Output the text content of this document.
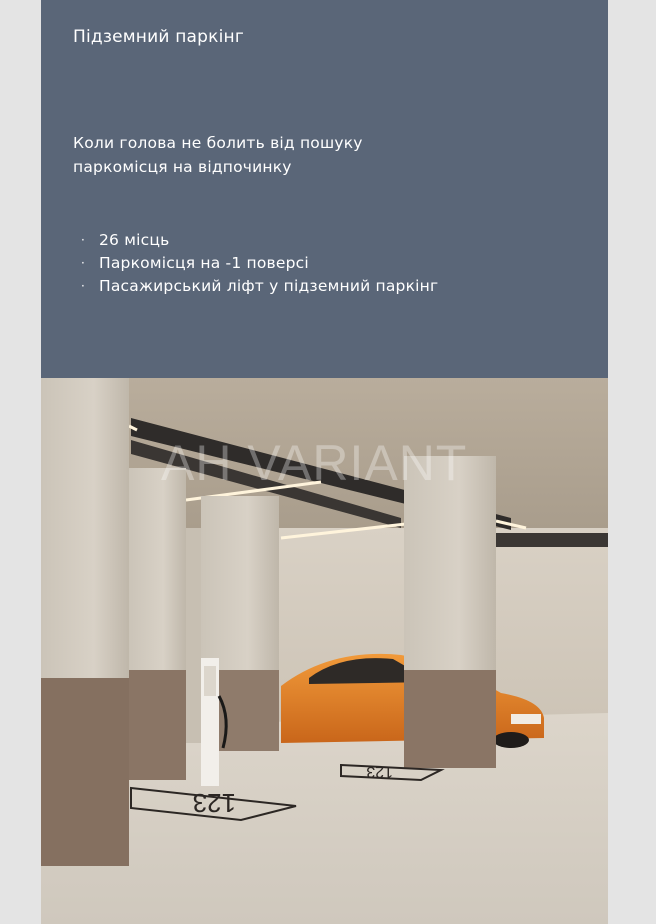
Підземний паркінг

Коли голова не болить від пошуку
паркомісця на відпочинку

· 26 місць
· Паркомісця на -1 поверсі
· Пасажирський ліфт у підземний паркінг
123
123
AH VARIANT
